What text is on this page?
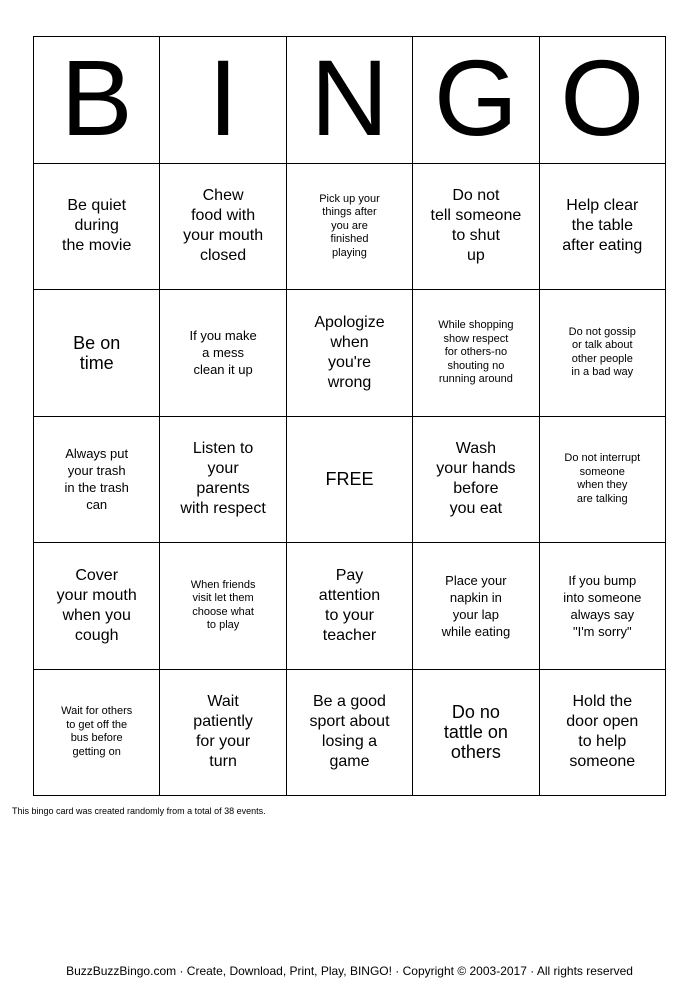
B I N G O
Be quiet
during
the movie
Chew
food with
your mouth
closed
Pick up your
things after
you are
finished
playing
Do not
tell someone
to shut
up
Help clear
the table
after eating
Be on
time
If you make
a mess
clean it up
Apologize
when
you're
wrong
While shopping
show respect
for others-no
shouting no
running around
Do not gossip
or talk about
other people
in a bad way
Always put
your trash
in the trash
can
Listen to
your
parents
with respect
FREE
Wash
your hands
before
you eat
Do not interrupt
someone
when they
are talking
Cover
your mouth
when you
cough
When friends
visit let them
choose what
to play
Pay
attention
to your
teacher
Place your
napkin in
your lap
while eating
If you bump
into someone
always say
"I'm sorry"
Wait for others
to get off the
bus before
getting on
Wait
patiently
for your
turn
Be a good
sport about
losing a
game
Do no
tattle on
others
Hold the
door open
to help
someone
This bingo card was created randomly from a total of 38 events.
BuzzBuzzBingo.com · Create, Download, Print, Play, BINGO! · Copyright © 2003-2017 · All rights reserved
